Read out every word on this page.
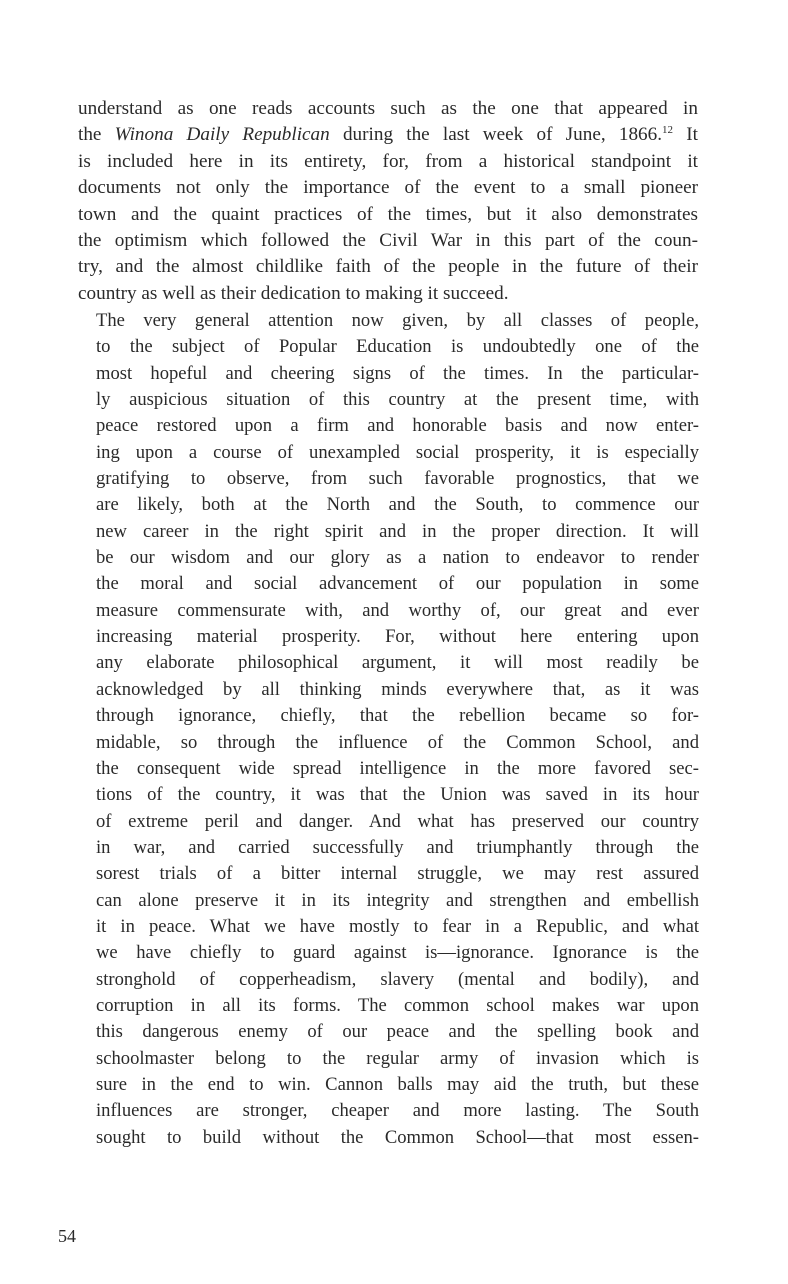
understand as one reads accounts such as the one that appeared in
the Winona Daily Republican during the last week of June, 1866.12 It
is included here in its entirety, for, from a historical standpoint it
documents not only the importance of the event to a small pioneer
town and the quaint practices of the times, but it also demonstrates
the optimism which followed the Civil War in this part of the coun-
try, and the almost childlike faith of the people in the future of their
country as well as their dedication to making it succeed.
The very general attention now given, by all classes of people,
to the subject of Popular Education is undoubtedly one of the
most hopeful and cheering signs of the times. In the particular-
ly auspicious situation of this country at the present time, with
peace restored upon a firm and honorable basis and now enter-
ing upon a course of unexampled social prosperity, it is especially
gratifying to observe, from such favorable prognostics, that we
are likely, both at the North and the South, to commence our
new career in the right spirit and in the proper direction. It will
be our wisdom and our glory as a nation to endeavor to render
the moral and social advancement of our population in some
measure commensurate with, and worthy of, our great and ever
increasing material prosperity. For, without here entering upon
any elaborate philosophical argument, it will most readily be
acknowledged by all thinking minds everywhere that, as it was
through ignorance, chiefly, that the rebellion became so for-
midable, so through the influence of the Common School, and
the consequent wide spread intelligence in the more favored sec-
tions of the country, it was that the Union was saved in its hour
of extreme peril and danger. And what has preserved our country
in war, and carried successfully and triumphantly through the
sorest trials of a bitter internal struggle, we may rest assured
can alone preserve it in its integrity and strengthen and embellish
it in peace. What we have mostly to fear in a Republic, and what
we have chiefly to guard against is—ignorance. Ignorance is the
stronghold of copperheadism, slavery (mental and bodily), and
corruption in all its forms. The common school makes war upon
this dangerous enemy of our peace and the spelling book and
schoolmaster belong to the regular army of invasion which is
sure in the end to win. Cannon balls may aid the truth, but these
influences are stronger, cheaper and more lasting. The South
sought to build without the Common School—that most essen-
54
